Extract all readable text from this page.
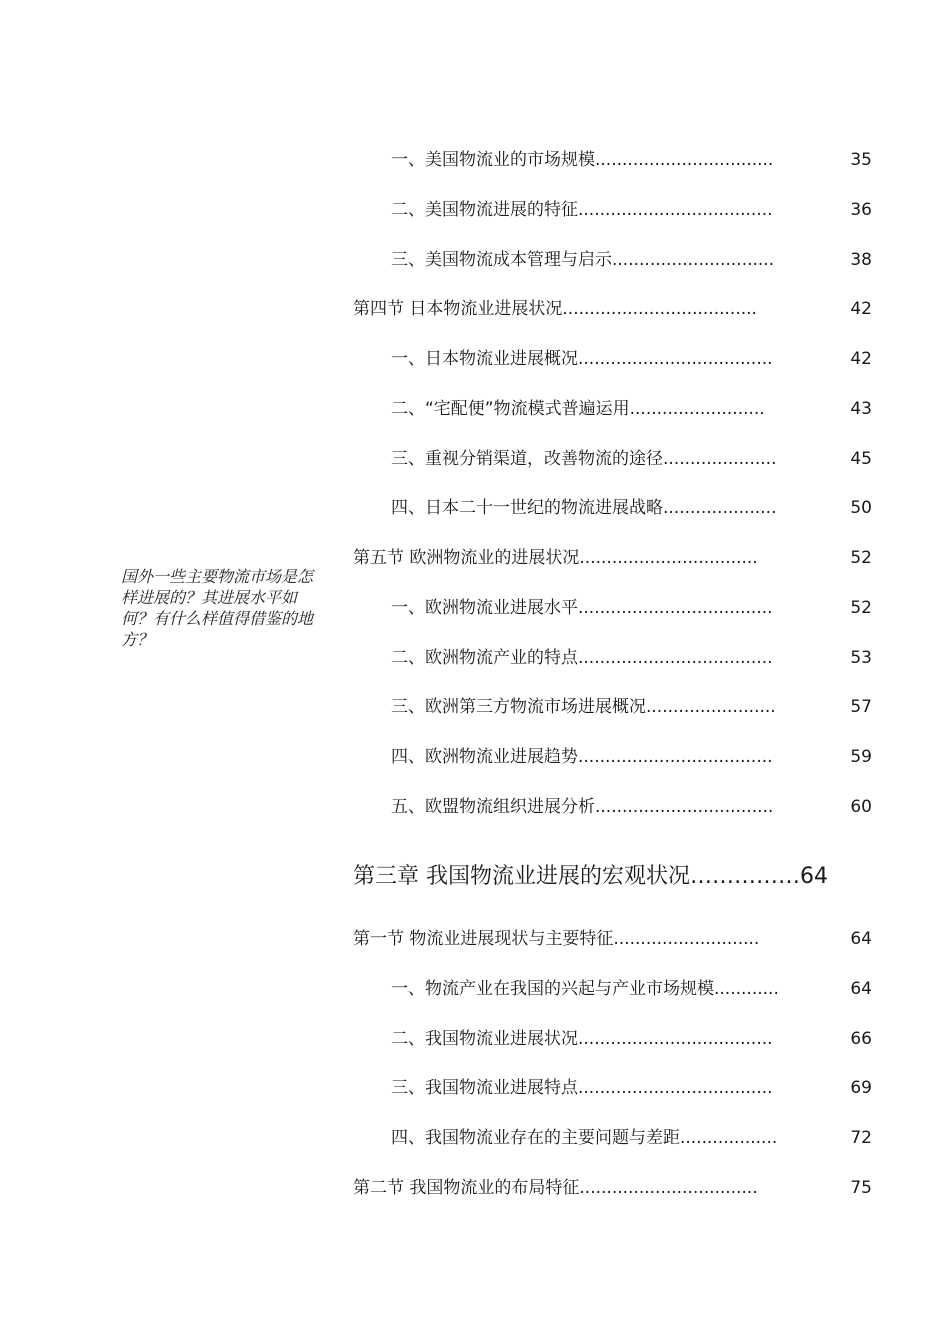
国外一些主要物流市场是怎样进展的？其进展水平如何？有什么样值得借鉴的地方？
一、美国物流业的市场规模.................................	35
二、美国物流进展的特征....................................	36
三、美国物流成本管理与启示..............................	38
第四节 日本物流业进展状况....................................	42
一、日本物流业进展概况....................................	42
二、“宅配便”物流模式普遍运用.........................	43
三、重视分销渠道，改善物流的途径.....................	45
四、日本二十一世纪的物流进展战略.....................	50
第五节 欧洲物流业的进展状况.................................	52
一、欧洲物流业进展水平....................................	52
二、欧洲物流产业的特点....................................	53
三、欧洲第三方物流市场进展概况........................	57
四、欧洲物流业进展趋势....................................	59
五、欧盟物流组织进展分析.................................	60
第三章 我国物流业进展的宏观状况……………64
第一节 物流业进展现状与主要特征...........................	64
一、物流产业在我国的兴起与产业市场规模............	64
二、我国物流业进展状况....................................	66
三、我国物流业进展特点....................................	69
四、我国物流业存在的主要问题与差距..................	72
第二节 我国物流业的布局特征.................................	75
